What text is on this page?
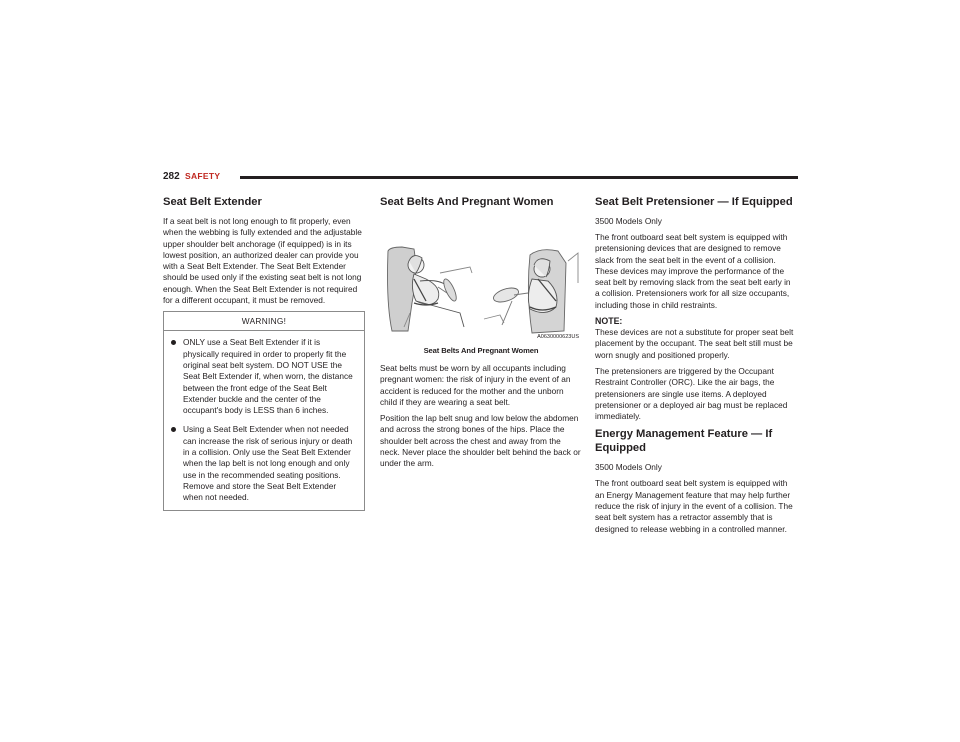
282 SAFETY
Seat Belt Extender

If a seat belt is not long enough to fit properly, even when the webbing is fully extended and the adjustable upper shoulder belt anchorage (if equipped) is in its lowest position, an authorized dealer can provide you with a Seat Belt Extender. The Seat Belt Extender should be used only if the existing seat belt is not long enough. When the Seat Belt Extender is not required for a different occupant, it must be removed.

WARNING!
ONLY use a Seat Belt Extender if it is physically required in order to properly fit the original seat belt system. DO NOT USE the Seat Belt Extender if, when worn, the distance between the front edge of the Seat Belt Extender buckle and the center of the occupant's body is LESS than 6 inches.
Using a Seat Belt Extender when not needed can increase the risk of serious injury or death in a collision. Only use the Seat Belt Extender when the lap belt is not long enough and only use in the recommended seating positions. Remove and store the Seat Belt Extender when not needed.
Seat Belts And Pregnant Women
A0630000623US
Seat Belts And Pregnant Women

Seat belts must be worn by all occupants including pregnant women: the risk of injury in the event of an accident is reduced for the mother and the unborn child if they are wearing a seat belt.

Position the lap belt snug and low below the abdomen and across the strong bones of the hips. Place the shoulder belt across the chest and away from the neck. Never place the shoulder belt behind the back or under the arm.

Seat Belt Pretensioner — If Equipped
3500 Models Only

The front outboard seat belt system is equipped with pretensioning devices that are designed to remove slack from the seat belt in the event of a collision. These devices may improve the performance of the seat belt by removing slack from the seat belt early in a collision. Pretensioners work for all size occupants, including those in child restraints.

NOTE:

These devices are not a substitute for proper seat belt placement by the occupant. The seat belt still must be worn snugly and positioned properly.

The pretensioners are triggered by the Occupant Restraint Controller (ORC). Like the air bags, the pretensioners are single use items. A deployed pretensioner or a deployed air bag must be replaced immediately.

Energy Management Feature — If Equipped
3500 Models Only

The front outboard seat belt system is equipped with an Energy Management feature that may help further reduce the risk of injury in the event of a collision. The seat belt system has a retractor assembly that is designed to release webbing in a controlled manner.
